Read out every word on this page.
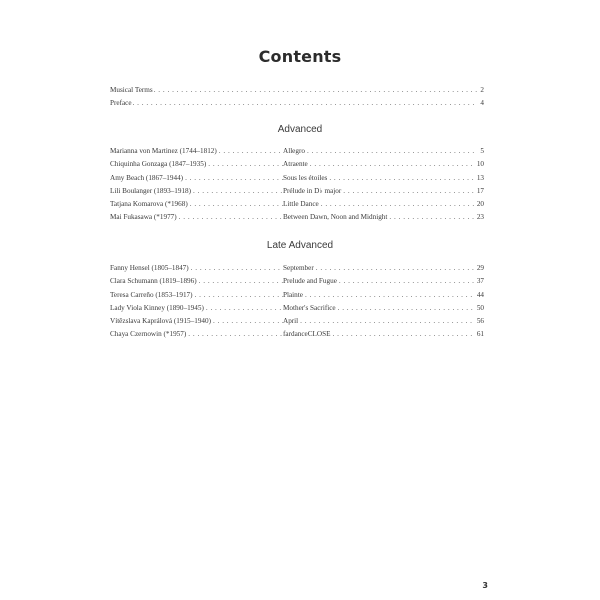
Contents
Musical Terms . . .	2
Preface . . .	4
Advanced
Marianna von Martinez (1744–1812) . . .	Allegro . . .	5
Chiquinha Gonzaga (1847–1935) . . .	Atraente . . .	10
Amy Beach (1867–1944) . . .	Sous les étoiles . . .	13
Lili Boulanger (1893–1918) . . .	Prélude in D♭ major . . .	17
Tatjana Komarova (*1968) . . .	Little Dance . . .	20
Mai Fukasawa (*1977) . . .	Between Dawn, Noon and Midnight . . .	23
Late Advanced
Fanny Hensel (1805–1847) . . .	September . . .	29
Clara Schumann (1819–1896) . . .	Prelude and Fugue . . .	37
Teresa Carreño (1853–1917) . . .	Plainte . . .	44
Lady Viola Kinney (1890–1945) . . .	Mother's Sacrifice . . .	50
Vítězslava Kaprálová (1915–1940) . . .	April . . .	56
Chaya Czernowin (*1957) . . .	fardanceCLOSE . . .	61
3
